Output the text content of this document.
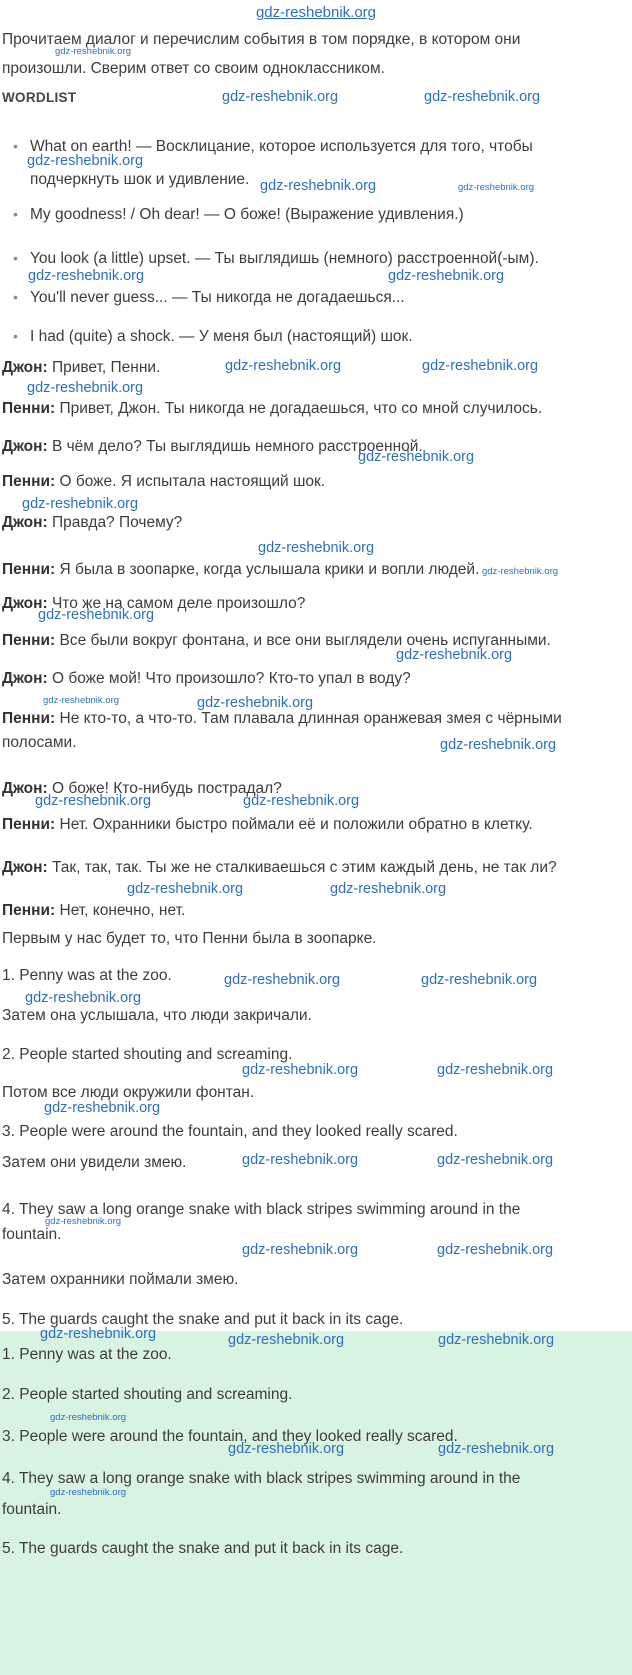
gdz-reshebnik.org
Прочитаем диалог и перечислим события в том порядке, в котором они
gdz-reshebnik.org
произошли. Сверим ответ со своим одноклассником.
WORDLIST	gdz-reshebnik.org	gdz-reshebnik.org
• What on earth! — Восклицание, которое используется для того, чтобы
gdz-reshebnik.org
подчеркнуть шок и удивление. gdz-reshebnik.org	gdz-reshebnik.org
• My goodness! / Oh dear! — О боже! (Выражение удивления.)
• You look (a little) upset. — Ты выглядишь (немного) расстроенной(-ым).
gdz-reshebnik.org	gdz-reshebnik.org
• You'll never guess... — Ты никогда не догадаешься...
• I had (quite) a shock. — У меня был (настоящий) шок.
Джон: Привет, Пенни.	gdz-reshebnik.org	gdz-reshebnik.org
gdz-reshebnik.org
Пенни: Привет, Джон. Ты никогда не догадаешься, что со мной случилось.
Джон: В чём дело? Ты выглядишь немного расстроенной.
gdz-reshebnik.org
Пенни: О боже. Я испытала настоящий шок.
gdz-reshebnik.org
Джон: Правда? Почему?
gdz-reshebnik.org
Пенни: Я была в зоопарке, когда услышала крики и вопли людей. gdz-reshebnik.org
Джон: Что же на самом деле произошло?
gdz-reshebnik.org
Пенни: Все были вокруг фонтана, и все они выглядели очень испуганными.
gdz-reshebnik.org
Джон: О боже мой! Что произошло? Кто-то упал в воду?
gdz-reshebnik.org	gdz-reshebnik.org
Пенни: Не кто-то, а что-то. Там плавала длинная оранжевая змея с чёрными
полосами.	gdz-reshebnik.org
Джон: О боже! Кто-нибудь пострадал?
gdz-reshebnik.org	gdz-reshebnik.org
Пенни: Нет. Охранники быстро поймали её и положили обратно в клетку.
Джон: Так, так, так. Ты же не сталкиваешься с этим каждый день, не так ли?
gdz-reshebnik.org	gdz-reshebnik.org
Пенни: Нет, конечно, нет.
Первым у нас будет то, что Пенни была в зоопарке.
1. Penny was at the zoo.	gdz-reshebnik.org	gdz-reshebnik.org
gdz-reshebnik.org
Затем она услышала, что люди закричали.
2. People started shouting and screaming.
gdz-reshebnik.org	gdz-reshebnik.org
Потом все люди окружили фонтан.
gdz-reshebnik.org
3. People were around the fountain, and they looked really scared.
Затем они увидели змею.	gdz-reshebnik.org	gdz-reshebnik.org
4. They saw a long orange snake with black stripes swimming around in the
gdz-reshebnik.org
fountain.
gdz-reshebnik.org	gdz-reshebnik.org
Затем охранники поймали змею.
5. The guards caught the snake and put it back in its cage.
gdz-reshebnik.org	gdz-reshebnik.org	gdz-reshebnik.org
1. Penny was at the zoo.
2. People started shouting and screaming.
gdz-reshebnik.org
3. People were around the fountain, and they looked really scared.
gdz-reshebnik.org	gdz-reshebnik.org
4. They saw a long orange snake with black stripes swimming around in the
gdz-reshebnik.org
fountain.
5. The guards caught the snake and put it back in its cage.
